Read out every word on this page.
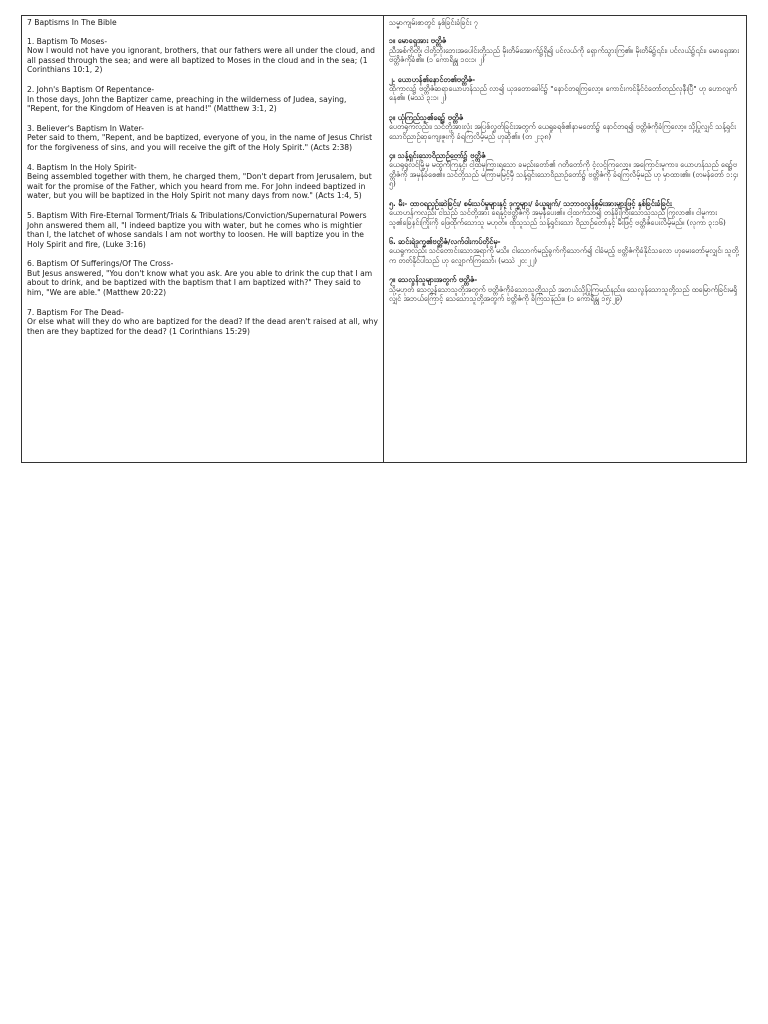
7 Baptisms In The Bible
1. Baptism To Moses-
Now I would not have you ignorant, brothers, that our fathers were all under the cloud, and all passed through the sea; and were all baptized to Moses in the cloud and in the sea; (1 Corinthians 10:1, 2)
2. John's Baptism Of Repentance-
In those days, John the Baptizer came, preaching in the wilderness of Judea, saying, "Repent, for the Kingdom of Heaven is at hand!" (Matthew 3:1, 2)
3. Believer's Baptism In Water-
Peter said to them, "Repent, and be baptized, everyone of you, in the name of Jesus Christ for the forgiveness of sins, and you will receive the gift of the Holy Spirit." (Acts 2:38)
4. Baptism In the Holy Spirit-
Being assembled together with them, he charged them, "Don't depart from Jerusalem, but wait for the promise of the Father, which you heard from me. For John indeed baptized in water, but you will be baptized in the Holy Spirit not many days from now." (Acts 1:4, 5)
5. Baptism With Fire-Eternal Torment/Trials & Tribulations/Conviction/Supernatural Powers
John answered them all, "I indeed baptize you with water, but he comes who is mightier than I, the latchet of whose sandals I am not worthy to loosen. He will baptize you in the Holy Spirit and fire, (Luke 3:16)
6. Baptism Of Sufferings/Of The Cross-
But Jesus answered, "You don't know what you ask. Are you able to drink the cup that I am about to drink, and be baptized with the baptism that I am baptized with?" They said to him, "We are able." (Matthew 20:22)
7. Baptism For The Dead-
Or else what will they do who are baptized for the dead? If the dead aren't raised at all, why then are they baptized for the dead? (1 Corinthians 15:29)
သမ္မာကျမ်းစာတွင် နှစ်ခြင်းခံခြင်း ၇
၁။ မောရှေအား ဗတ္တိဇံ
ညီအစ်ကိုတို့၊ ငါတို့ဘိုးဘေးအပေါင်းတို့သည် မိုးတိမ်အောက်၌ရှိ၍ ပင်လယ်ကို ရှောက်သွားကြ၏။ မိုးတိမ်၌၎င်း၊ ပင်လယ်၌၎င်း၊ မောရှေအား ဗတ္တိဇံကိုခံ၏။ (၁ ကောရိန္သု ၁၀:၁၊ ၂)
၂. ယောဟန်၏နောင်တ၏ဗတ္တိဇံ-
ထိုကာလ၌ ဗတ္တိဇံဆရာယောဟန်သည် လာ၍ ယုဒတောခေါင်၌ "နောင်တရကြလော့။ ကောင်းကင်နိုင်ငံတော်တည်လုနီးပြီ" ဟု ဟောလျက်နေ၏။ (မဿဲ ၃:၁၊ ၂)
၃။ ယုံကြည်သူ၏ရေ၌ ဗတ္တိဇံ
ပေတရုကလည်း၊ သင်တို့အားလုံး အပြစ်လွှတ်ခြင်းအတွက် ယေရှုခရစ်၏နာမတော်၌ နောင်တရ၍ ဗတ္တိဇံကိုခံကြလော့။ သို့ပြုလျှင် သန့်ရှင်းသောဝိညာဉ်ဆုကျေးဇူးကို ခံရကြလိမ့်မည် ဟုဆို၏။ (တ ၂:၃၈)
၄။ သန့်ရှင်းသောဝိညာဉ်တော်၌ ဗတ္တိဇံ
ယေရုရှလင်မြို့မှ မထွက်ကြနှင့်၊ ငါ့ထံမှကြားရသော ခမည်းတော်၏ ဂတိတော်ကို ငံ့လင့်ကြလော့။ အကြောင်းမူကား၊ ယောဟန်သည် ရေ၌ဗတ္တိဇံကို အမှန်ခံစေ၏။ သင်တို့သည် မကြာမမြင့်မှီ သန့်ရှင်းသောဝိညာဉ်တော်၌ ဗတ္တိဇံကို ခံရကြလိမ့်မည် ဟု မှာထား၏။ (တမန်တော် ၁:၄၊ ၅)
၅. မီး- ထာဝရညှဉ်းဆဲခြင်း/ စမ်းသပ်မှုများနှင့် ဒုက္ခများ/ ခံယူချက်/ သဘာဝလွန်စွမ်းအားများဖြင့် နှစ်ခြင်းခံခြင်း
ယောဟန်ကလည်း ငါသည် သင်တို့အား ရေနှင့်ဗတ္တိဇံကို အမှန်ပေး၏။ ငါ့ထက်သာ၍ တန်ခိုးကြီးသောသူသည် ကြွလာ၏။ ငါမူကား သူ၏ခြေနင်းကြိုးကို ဖြေထိုက်သောသူ မဟုတ်။ ထိုသူသည် သန့်ရှင်းသော ဝိညာဉ်တော်နှင့် မီးဖြင့် ဗတ္တိဇံပေးလိမ့်မည်။ (လုကာ ၃:၁၆)
၆. ဆင်းရဲဒုက္ခ၏ဗတ္တိဇံ/လက်ဝါးကပ်တိုင်မှ-
ယေရှုကလည်း သင်တောင်းသောအရာကို မသိ။ ငါသောက်မည့်ခွက်ကိုသောက်၍ ငါခံမည့် ဗတ္တိဇံကိုခံနိုင်သလော ဟုမေးတော်မူလျှင်၊ သူတို့က တတ်နိုင်ပါသည် ဟု လျှောက်ကြသော်၊ (မဿဲ ၂၀:၂၂)
၇။ သေလွန်သူများအတွက် ဗတ္တိဇံ-
သို့မဟုတ် သေလွန်သောသူတို့အတွက် ဗတ္တိဇံကိုခံသောသူတို့သည် အဘယ်သို့ပြုကြမည်နည်း။ သေလွန်သောသူတို့သည် ထမြောက်ခြင်းမရှိလျှင် အဘယ်ကြောင့် သေသောသူတို့အတွက် ဗတ္တိဇံကို ခံကြသနည်း။ (၁ ကောရိန္သု ၁၅:၂၉)
